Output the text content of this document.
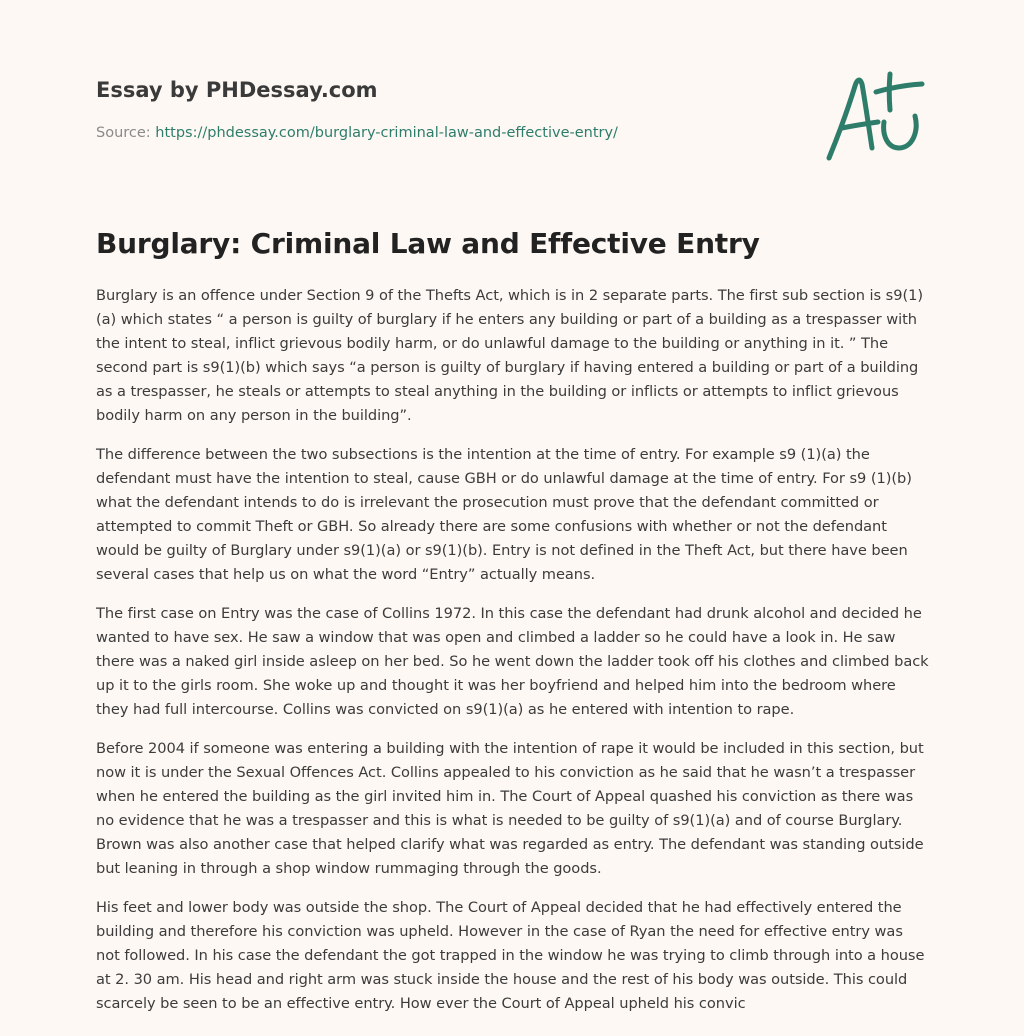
Essay by PHDessay.com
Source: https://phdessay.com/burglary-criminal-law-and-effective-entry/
Burglary: Criminal Law and Effective Entry

Burglary is an offence under Section 9 of the Thefts Act, which is in 2 separate parts. The first sub section is s9(1)(a) which states “ a person is guilty of burglary if he enters any building or part of a building as a trespasser with the intent to steal, inflict grievous bodily harm, or do unlawful damage to the building or anything in it. ” The second part is s9(1)(b) which says “a person is guilty of burglary if having entered a building or part of a building as a trespasser, he steals or attempts to steal anything in the building or inflicts or attempts to inflict grievous bodily harm on any person in the building”.

The difference between the two subsections is the intention at the time of entry. For example s9 (1)(a) the defendant must have the intention to steal, cause GBH or do unlawful damage at the time of entry. For s9 (1)(b) what the defendant intends to do is irrelevant the prosecution must prove that the defendant committed or attempted to commit Theft or GBH. So already there are some confusions with whether or not the defendant would be guilty of Burglary under s9(1)(a) or s9(1)(b). Entry is not defined in the Theft Act, but there have been several cases that help us on what the word “Entry” actually means.

The first case on Entry was the case of Collins 1972. In this case the defendant had drunk alcohol and decided he wanted to have sex. He saw a window that was open and climbed a ladder so he could have a look in. He saw there was a naked girl inside asleep on her bed. So he went down the ladder took off his clothes and climbed back up it to the girls room. She woke up and thought it was her boyfriend and helped him into the bedroom where they had full intercourse. Collins was convicted on s9(1)(a) as he entered with intention to rape.

Before 2004 if someone was entering a building with the intention of rape it would be included in this section, but now it is under the Sexual Offences Act. Collins appealed to his conviction as he said that he wasn’t a trespasser when he entered the building as the girl invited him in. The Court of Appeal quashed his conviction as there was no evidence that he was a trespasser and this is what is needed to be guilty of s9(1)(a) and of course Burglary. Brown was also another case that helped clarify what was regarded as entry. The defendant was standing outside but leaning in through a shop window rummaging through the goods.

His feet and lower body was outside the shop. The Court of Appeal decided that he had effectively entered the building and therefore his conviction was upheld. However in the case of Ryan the need for effective entry was not followed. In his case the defendant the got trapped in the window he was trying to climb through into a house at 2. 30 am. His head and right arm was stuck inside the house and the rest of his body was outside. This could scarcely be seen to be an effective entry. How ever the Court of Appeal upheld his convic
